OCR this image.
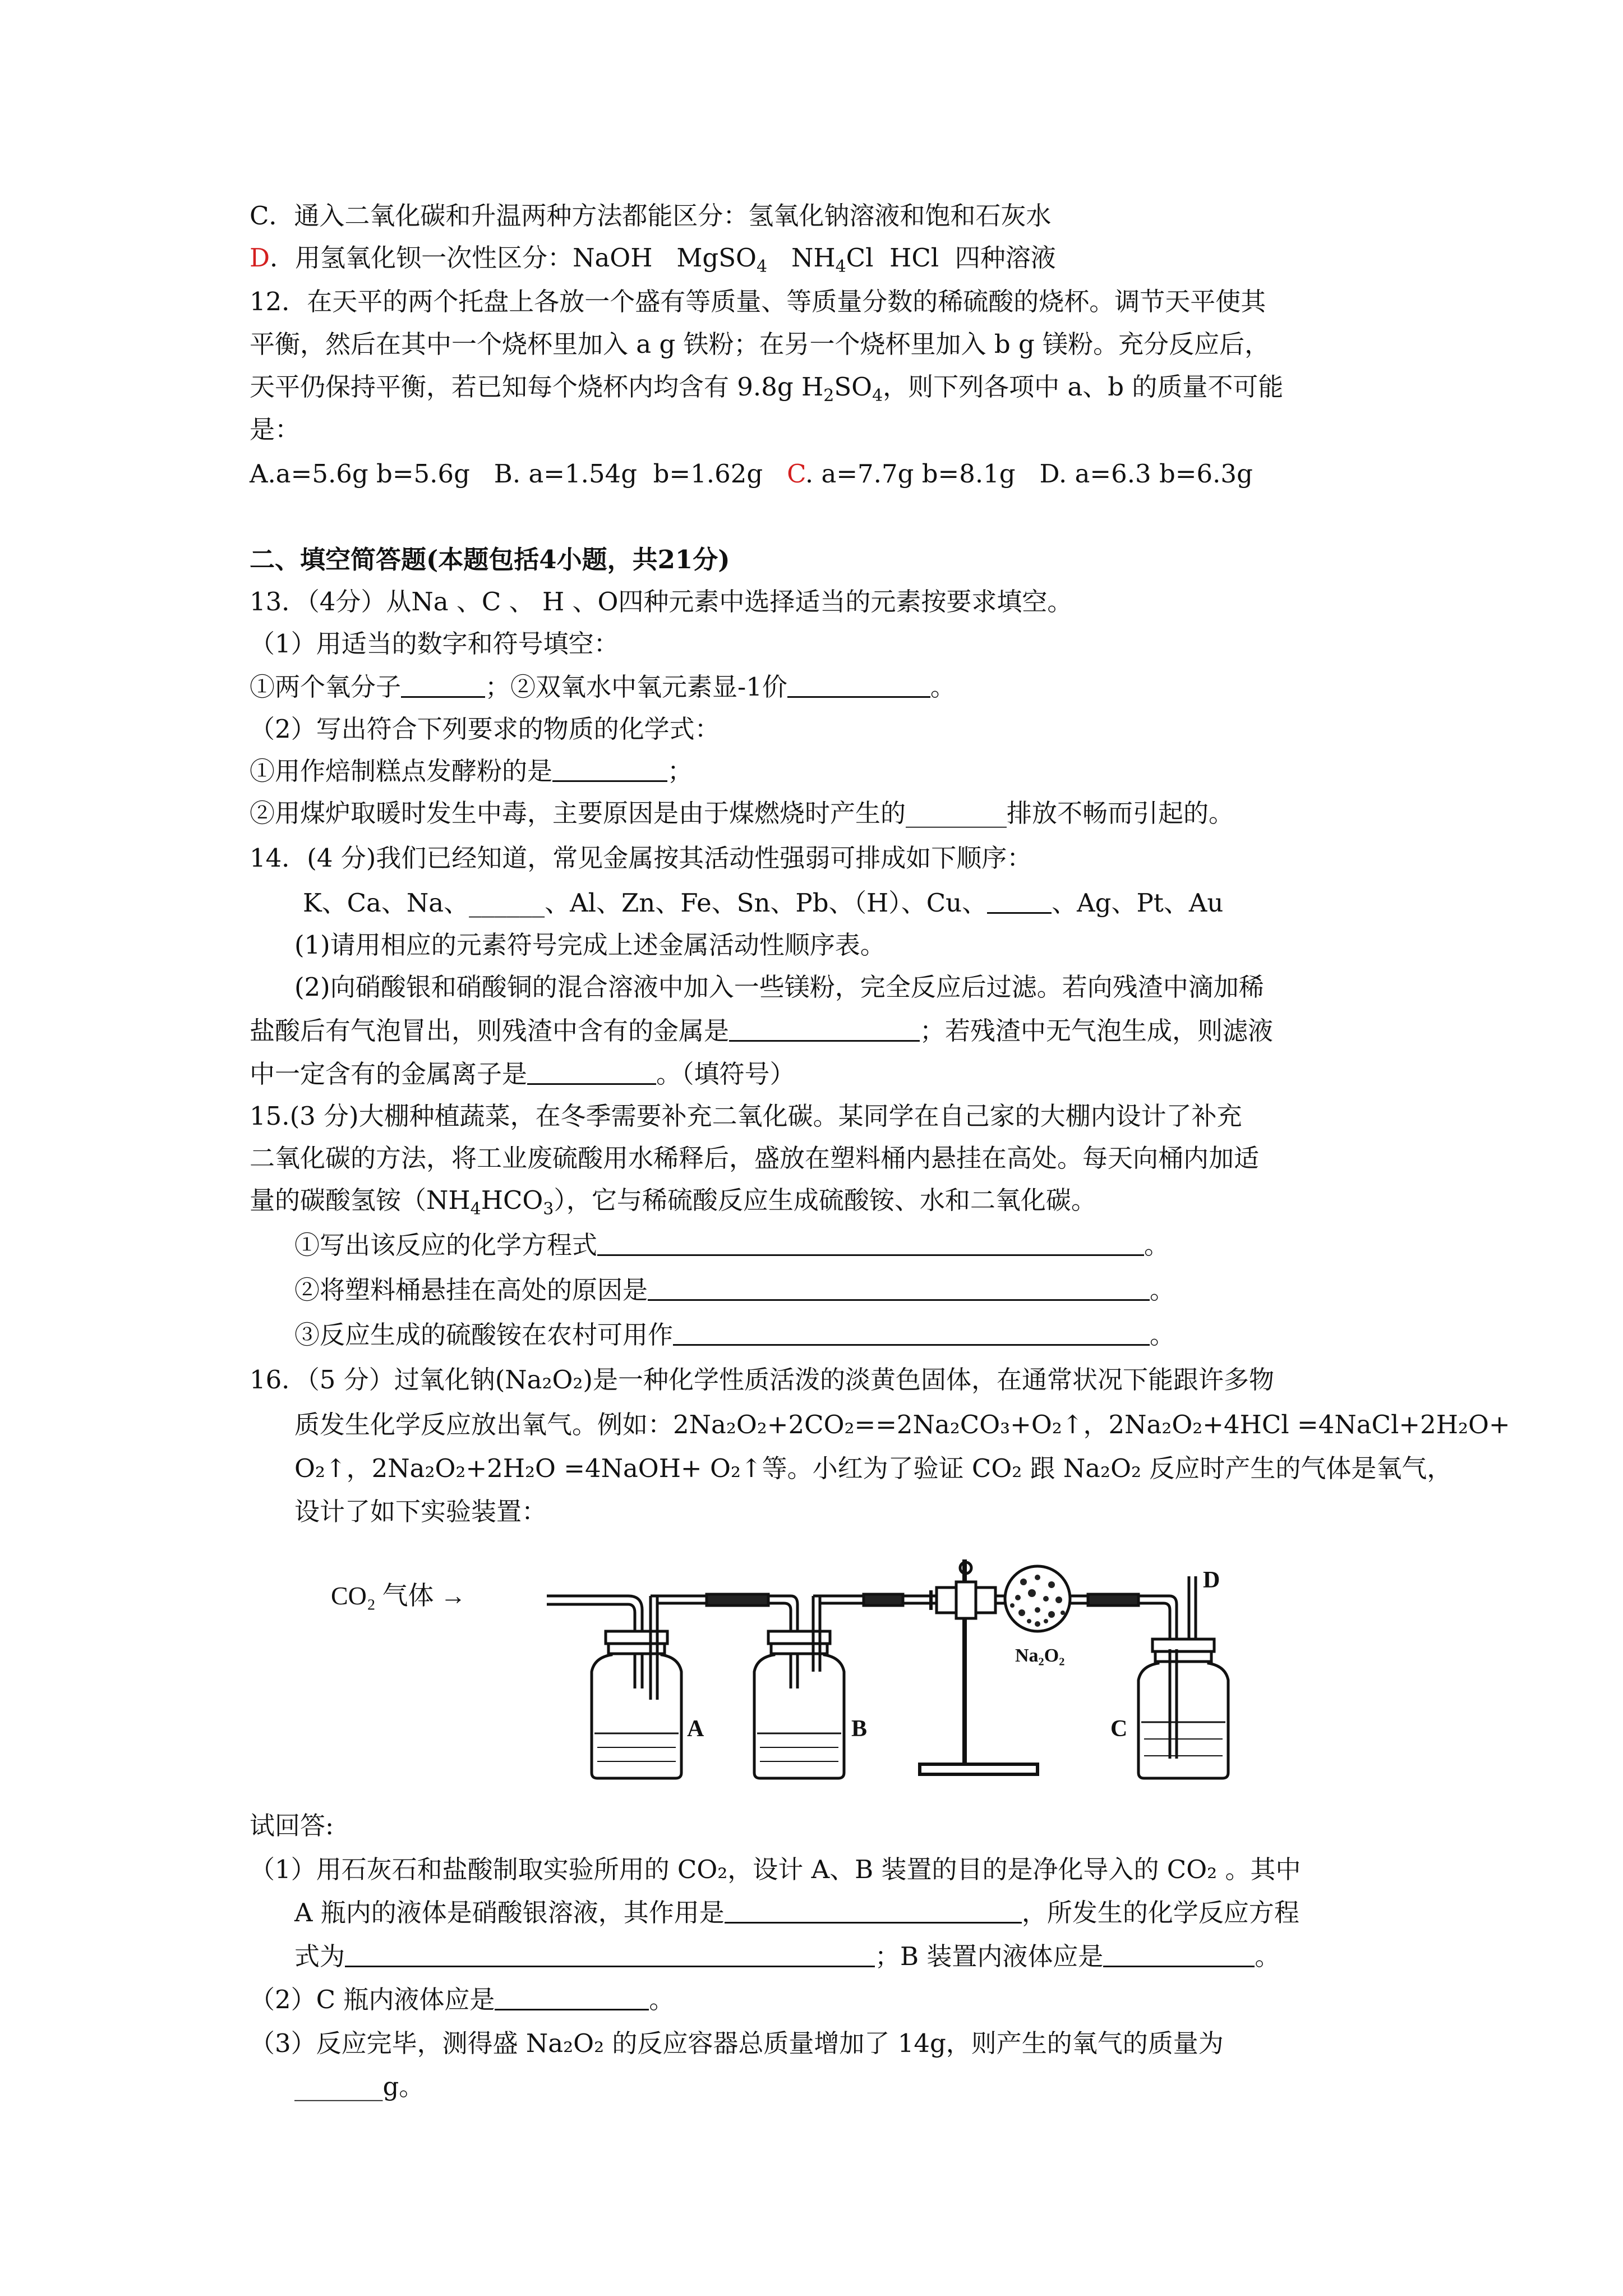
C．通入二氧化碳和升温两种方法都能区分：氢氧化钠溶液和饱和石灰水
D．用氢氧化钡一次性区分：NaOH   MgSO$_4$   $NH_4Cl$  HCl  四种溶液
12．在天平的两个托盘上各放一个盛有等质量、等质量分数的稀硫酸的烧杯。调节天平使其
平衡，然后在其中一个烧杯里加入 a g 铁粉；在另一个烧杯里加入 b g 镁粉。充分反应后，
天平仍保持平衡，若已知每个烧杯内均含有 9.8g $H_2SO_4$，则下列各项中 a、b 的质量不可能
是：
A.a=5.6g b=5.6g   B. a=1.54g  b=1.62g   C. a=7.7g b=8.1g   D. a=6.3 b=6.3g
二、填空简答题(本题包括4小题，共21分)
13．（4分）从Na 、C 、 H 、O四种元素中选择适当的元素按要求填空。
（1）用适当的数字和符号填空：
①两个氧分子	；②双氧水中氧元素显-1价	。
（2）写出符合下列要求的物质的化学式：
①用作焙制糕点发酵粉的是	；
②用煤炉取暖时发生中毒，主要原因是由于煤燃烧时产生的________排放不畅而引起的。
14．(4 分)我们已经知道，常见金属按其活动性强弱可排成如下顺序：
K、Ca、Na、______、Al、Zn、Fe、Sn、Pb、（H）、Cu、	、Ag、Pt、Au
(1)请用相应的元素符号完成上述金属活动性顺序表。
(2)向硝酸银和硝酸铜的混合溶液中加入一些镁粉，完全反应后过滤。若向残渣中滴加稀
盐酸后有气泡冒出，则残渣中含有的金属是	；若残渣中无气泡生成，则滤液
中一定含有的金属离子是	。（填符号）
15.(3 分)大棚种植蔬菜，在冬季需要补充二氧化碳。某同学在自己家的大棚内设计了补充
二氧化碳的方法，将工业废硫酸用水稀释后，盛放在塑料桶内悬挂在高处。每天向桶内加适
量的碳酸氢铵$(NH_4HCO_3)$，它与稀硫酸反应生成硫酸铵、水和二氧化碳。
①写出该反应的化学方程式	。
②将塑料桶悬挂在高处的原因是	。
③反应生成的硫酸铵在农村可用作	。
16．（5 分）过氧化钠(Na₂O₂)是一种化学性质活泼的淡黄色固体，在通常状况下能跟许多物
质发生化学反应放出氧气。例如：2Na₂O₂+2CO₂==2Na₂CO₃+O₂↑，2Na₂O₂+4HCl =4NaCl+2H₂O+
O₂↑，2Na₂O₂+2H₂O =4NaOH+ O₂↑等。小红为了验证 CO₂ 跟 Na₂O₂ 反应时产生的气体是氧气，
设计了如下实验装置：
CO₂ 气体 →
A	B	C
D
Na₂O₂
试回答:
（1）用石灰石和盐酸制取实验所用的 CO₂，设计 A、B 装置的目的是净化导入的 CO₂ 。其中
A 瓶内的液体是硝酸银溶液，其作用是	，所发生的化学反应方程
式为	；B 装置内液体应是	。
（2）C 瓶内液体应是	。
（3）反应完毕，测得盛 Na₂O₂ 的反应容器总质量增加了 14g，则产生的氧气的质量为
_______g。
